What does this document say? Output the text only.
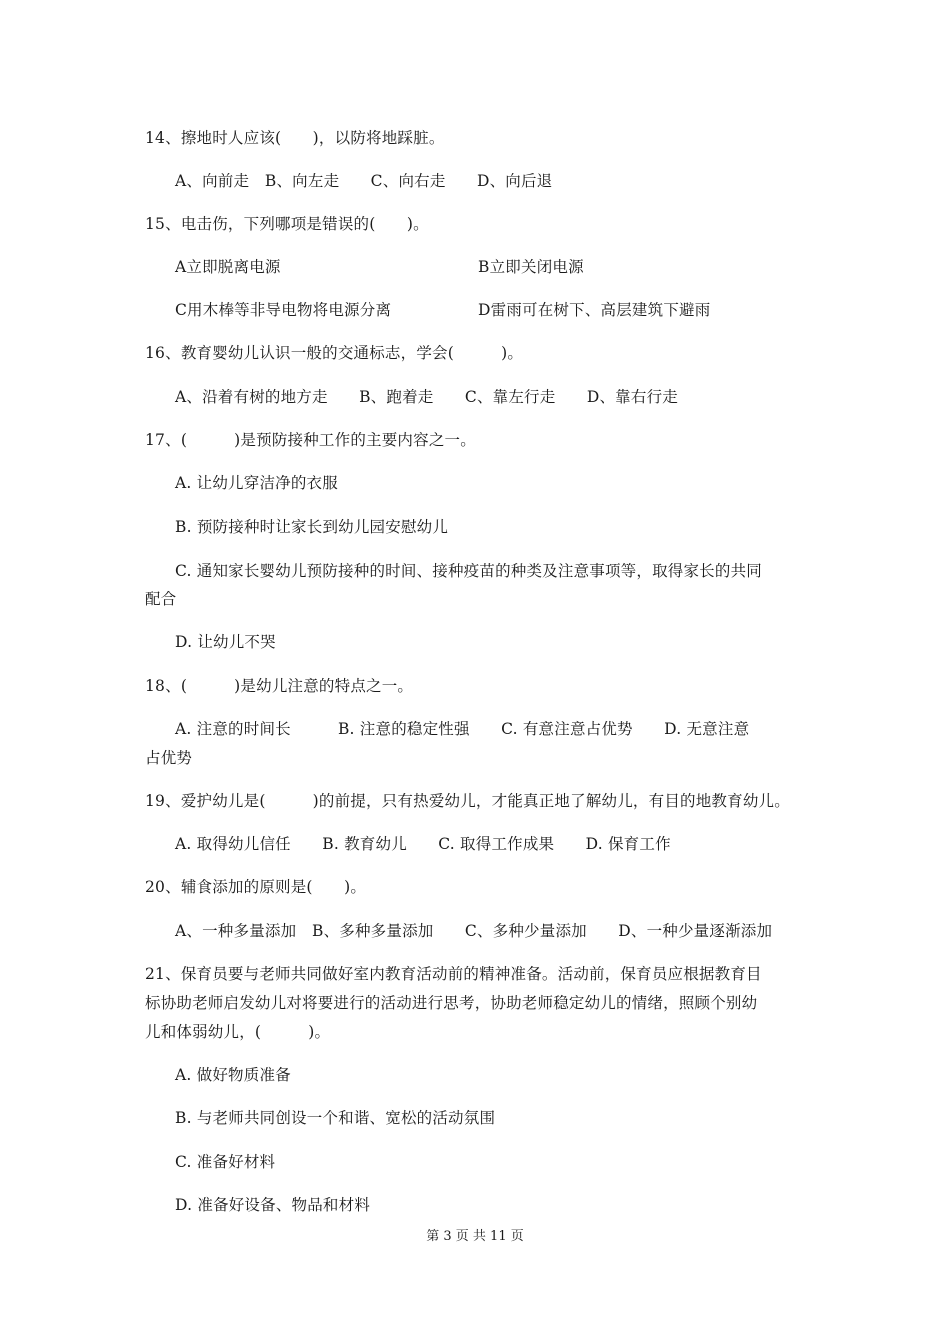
14、擦地时人应该(　　)，以防将地踩脏。
A、向前走　B、向左走　　C、向右走　　D、向后退
15、电击伤，下列哪项是错误的(　　)。
A立即脱离电源	B立即关闭电源
C用木棒等非导电物将电源分离	D雷雨可在树下、高层建筑下避雨
16、教育婴幼儿认识一般的交通标志，学会(　　　)。
A、沿着有树的地方走　　B、跑着走　　C、靠左行走　　D、靠右行走
17、(　　　)是预防接种工作的主要内容之一。
A. 让幼儿穿洁净的衣服
B. 预防接种时让家长到幼儿园安慰幼儿
C. 通知家长婴幼儿预防接种的时间、接种疫苗的种类及注意事项等，取得家长的共同
配合
D. 让幼儿不哭
18、(　　　)是幼儿注意的特点之一。
A. 注意的时间长　　　B. 注意的稳定性强　　C. 有意注意占优势　　D. 无意注意
占优势
19、爱护幼儿是(　　　)的前提，只有热爱幼儿，才能真正地了解幼儿，有目的地教育幼儿。
A. 取得幼儿信任　　B. 教育幼儿　　C. 取得工作成果　　D. 保育工作
20、辅食添加的原则是(　　)。
A、一种多量添加　B、多种多量添加　　C、多种少量添加　　D、一种少量逐渐添加
21、保育员要与老师共同做好室内教育活动前的精神准备。活动前，保育员应根据教育目
标协助老师启发幼儿对将要进行的活动进行思考，协助老师稳定幼儿的情绪，照顾个别幼
儿和体弱幼儿，(　　　)。
A. 做好物质准备
B. 与老师共同创设一个和谐、宽松的活动氛围
C. 准备好材料
D. 准备好设备、物品和材料
第 3 页 共 11 页
